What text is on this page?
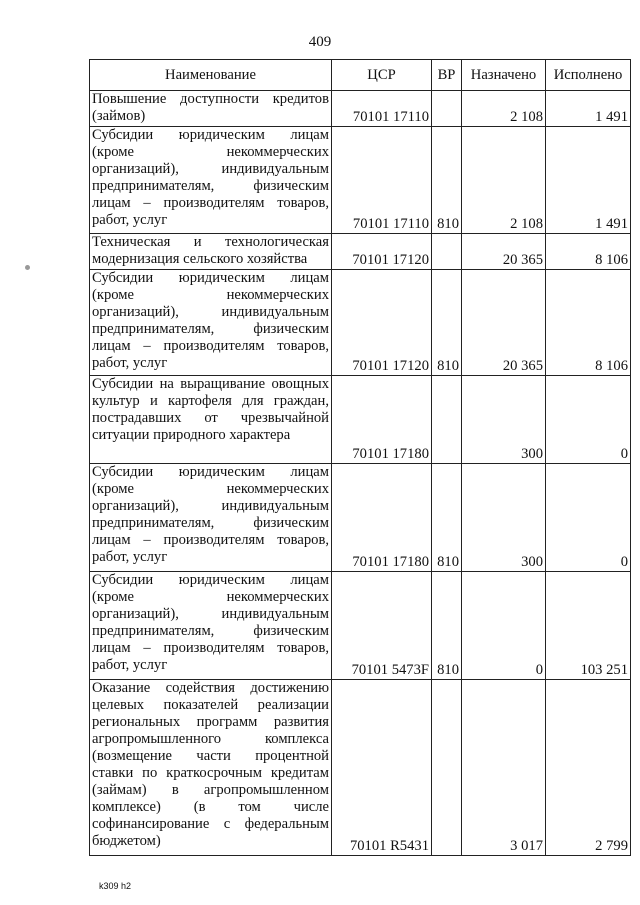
409
Наименование	ЦСР	ВР	Назначено	Исполнено
Повышение доступности кредитов (займов)	70101 17110		2 108	1 491
Субсидии юридическим лицам (кроме некоммерческих организаций), индивидуальным предпринимателям, физическим лицам – производителям товаров, работ, услуг	70101 17110	810	2 108	1 491
Техническая и технологическая модернизация сельского хозяйства	70101 17120		20 365	8 106
Субсидии юридическим лицам (кроме некоммерческих организаций), индивидуальным предпринимателям, физическим лицам – производителям товаров, работ, услуг	70101 17120	810	20 365	8 106
Субсидии на выращивание овощных культур и картофеля для граждан, пострадавших от чрезвычайной ситуации природного характера	70101 17180		300	0
Субсидии юридическим лицам (кроме некоммерческих организаций), индивидуальным предпринимателям, физическим лицам – производителям товаров, работ, услуг	70101 17180	810	300	0
Субсидии юридическим лицам (кроме некоммерческих организаций), индивидуальным предпринимателям, физическим лицам – производителям товаров, работ, услуг	70101 5473F	810	0	103 251
Оказание содействия достижению целевых показателей реализации региональных программ развития агропромышленного комплекса (возмещение части процентной ставки по краткосрочным кредитам (займам) в агропромышленном комплексе) (в том числе софинансирование с федеральным бюджетом)	70101 R5431		3 017	2 799
k309 h2
